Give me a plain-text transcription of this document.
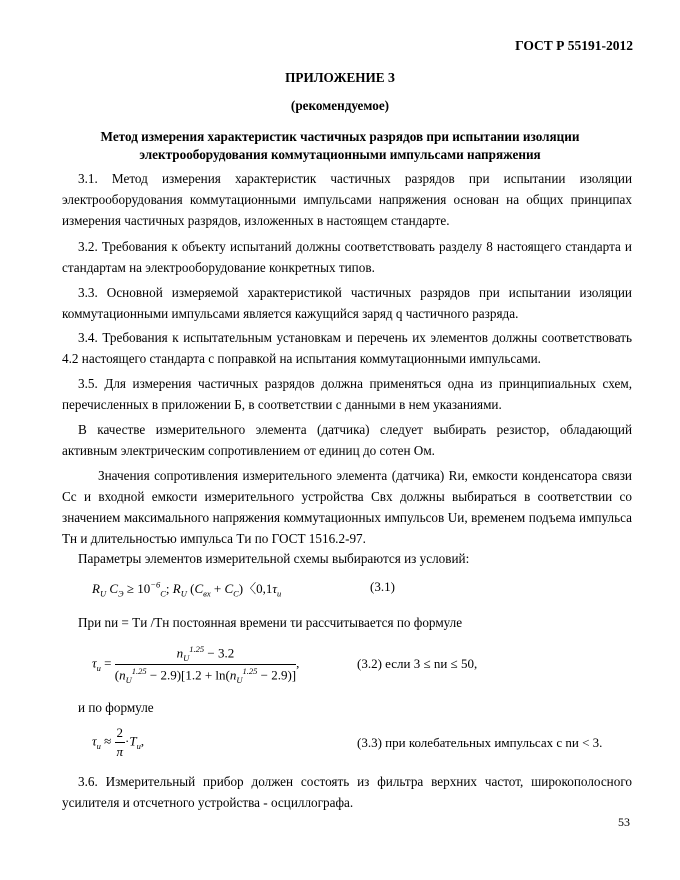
ГОСТ Р 55191-2012
ПРИЛОЖЕНИЕ З
(рекомендуемое)
Метод измерения характеристик частичных разрядов при испытании изоляции
электрооборудования коммутационными импульсами напряжения

3.1. Метод измерения характеристик частичных разрядов при испытании изоляции электрооборудования коммутационными импульсами напряжения основан на общих принципах измерения частичных разрядов, изложенных в настоящем стандарте.

3.2. Требования к объекту испытаний должны соответствовать разделу 8 настоящего стандарта и стандартам на электрооборудование конкретных типов.

3.3. Основной измеряемой характеристикой частичных разрядов при испытании изоляции коммутационными импульсами является кажущийся заряд q частичного разряда.

3.4. Требования к испытательным установкам и перечень их элементов должны соответствовать 4.2 настоящего стандарта с поправкой на испытания коммутационными импульсами.

3.5. Для измерения частичных разрядов должна применяться одна из принципиальных схем, перечисленных в приложении Б, в соответствии с данными в нем указаниями.

В качестве измерительного элемента (датчика) следует выбирать резистор, обладающий активным электрическим сопротивлением от единиц до сотен Ом.

Значения сопротивления измерительного элемента (датчика) Rи, емкости конденсатора связи Cc и входной емкости измерительного устройства Cвх должны выбираться в соответствии со значением максимального напряжения коммутационных импульсов Uи, временем подъема импульса Tн и длительностью импульса Tи по ГОСТ 1516.2-97.

Параметры элементов измерительной схемы выбираются из условий:

$R_U$ $C_Э \ge 10^{-6}_C$; $R_U$ $(C_{вх} + C_C)$〈$0,1\tau_и$	(3.1)

При nи = Tи /Tн постоянная времени τи рассчитывается по формуле

$\tau_и = \frac{n_U^{1.25} - 3.2}{(n_U^{1.25} - 2.9)[1.2 + \ln(n_U^{1.25} - 2.9)]}$ ,	(3.2) если 3 ≤ nи ≤ 50,

и по формуле

$\tau_и \approx \frac{2}{\pi} \cdot T_и$,	(3.3) при колебательных импульсах с nи < 3.

3.6. Измерительный прибор должен состоять из фильтра верхних частот, широкополосного усилителя и отсчетного устройства - осциллографа.

53
